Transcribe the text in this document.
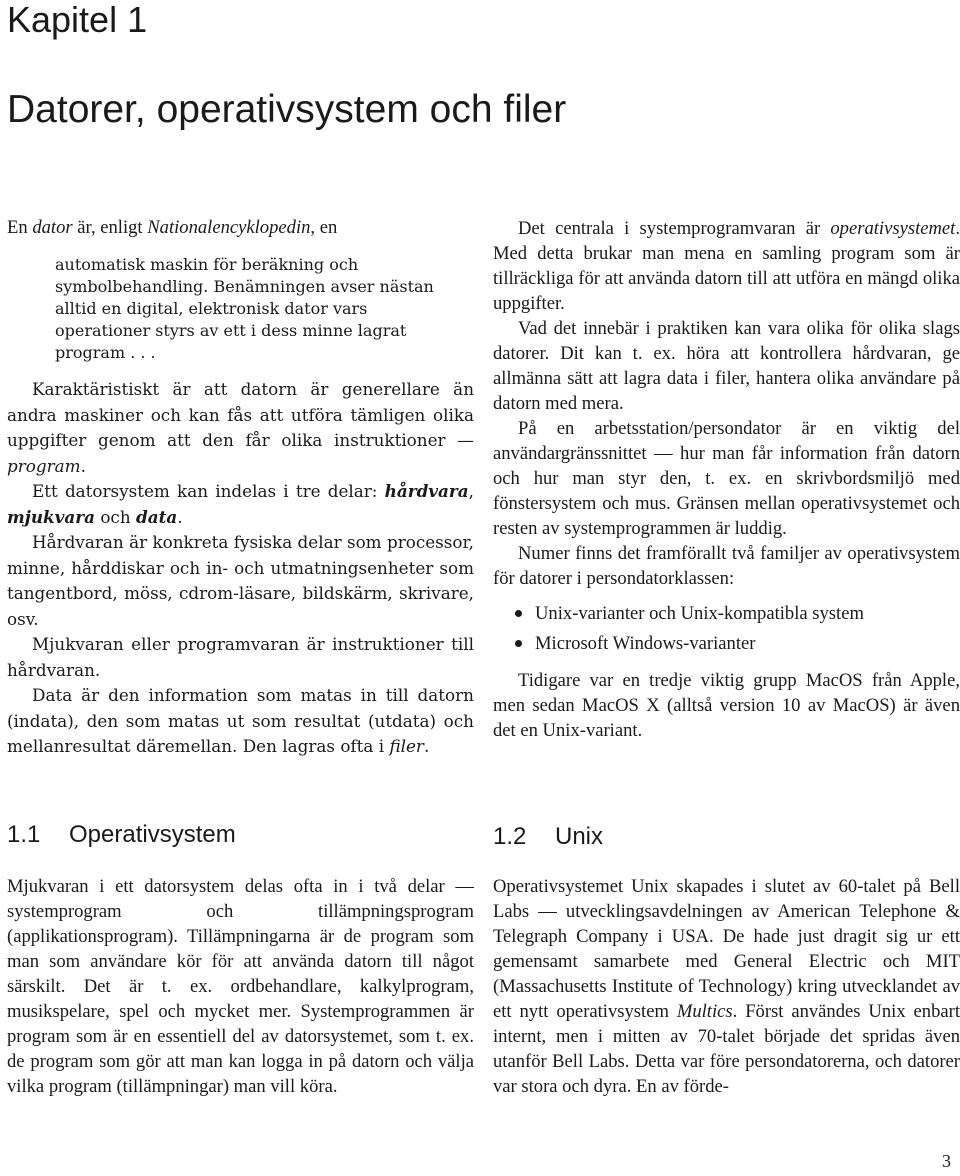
Kapitel 1
Datorer, operativsystem och filer

En dator är, enligt Nationalencyklopedin, en

automatisk maskin för beräkning och symbolbehandling. Benämningen avser nästan alltid en digital, elektronisk dator vars operationer styrs av ett i dess minne lagrat program . . .

Karaktäristiskt är att datorn är generellare än andra maskiner och kan fås att utföra tämligen olika uppgifter genom att den får olika instruktioner — program.

Ett datorsystem kan indelas i tre delar: hårdvara, mjukvara och data.

Hårdvaran är konkreta fysiska delar som processor, minne, hårddiskar och in- och utmatningsenheter som tangentbord, möss, cdrom-läsare, bildskärm, skrivare, osv.

Mjukvaran eller programvaran är instruktioner till hårdvaran.

Data är den information som matas in till datorn (indata), den som matas ut som resultat (utdata) och mellanresultat däremellan. Den lagras ofta i filer.

Det centrala i systemprogramvaran är operativsystemet. Med detta brukar man mena en samling program som är tillräckliga för att använda datorn till att utföra en mängd olika uppgifter.

Vad det innebär i praktiken kan vara olika för olika slags datorer. Dit kan t. ex. höra att kontrollera hårdvaran, ge allmänna sätt att lagra data i filer, hantera olika användare på datorn med mera.

På en arbetsstation/persondator är en viktig del användargränssnittet — hur man får information från datorn och hur man styr den, t. ex. en skrivbordsmiljö med fönstersystem och mus. Gränsen mellan operativsystemet och resten av systemprogrammen är luddig.

Numer finns det framförallt två familjer av operativsystem för datorer i persondatorklassen:

Unix-varianter och Unix-kompatibla system
Microsoft Windows-varianter

Tidigare var en tredje viktig grupp MacOS från Apple, men sedan MacOS X (alltså version 10 av MacOS) är även det en Unix-variant.

1.1 Operativsystem

Mjukvaran i ett datorsystem delas ofta in i två delar — systemprogram och tillämpningsprogram (applikationsprogram). Tillämpningarna är de program som man som användare kör för att använda datorn till något särskilt. Det är t. ex. ordbehandlare, kalkylprogram, musikspelare, spel och mycket mer. Systemprogrammen är program som är en essentiell del av datorsystemet, som t. ex. de program som gör att man kan logga in på datorn och välja vilka program (tillämpningar) man vill köra.

1.2 Unix

Operativsystemet Unix skapades i slutet av 60-talet på Bell Labs — utvecklingsavdelningen av American Telephone & Telegraph Company i USA. De hade just dragit sig ur ett gemensamt samarbete med General Electric och MIT (Massachusetts Institute of Technology) kring utvecklandet av ett nytt operativsystem Multics. Först användes Unix enbart internt, men i mitten av 70-talet började det spridas även utanför Bell Labs. Detta var före persondatorerna, och datorer var stora och dyra. En av förde-

3
